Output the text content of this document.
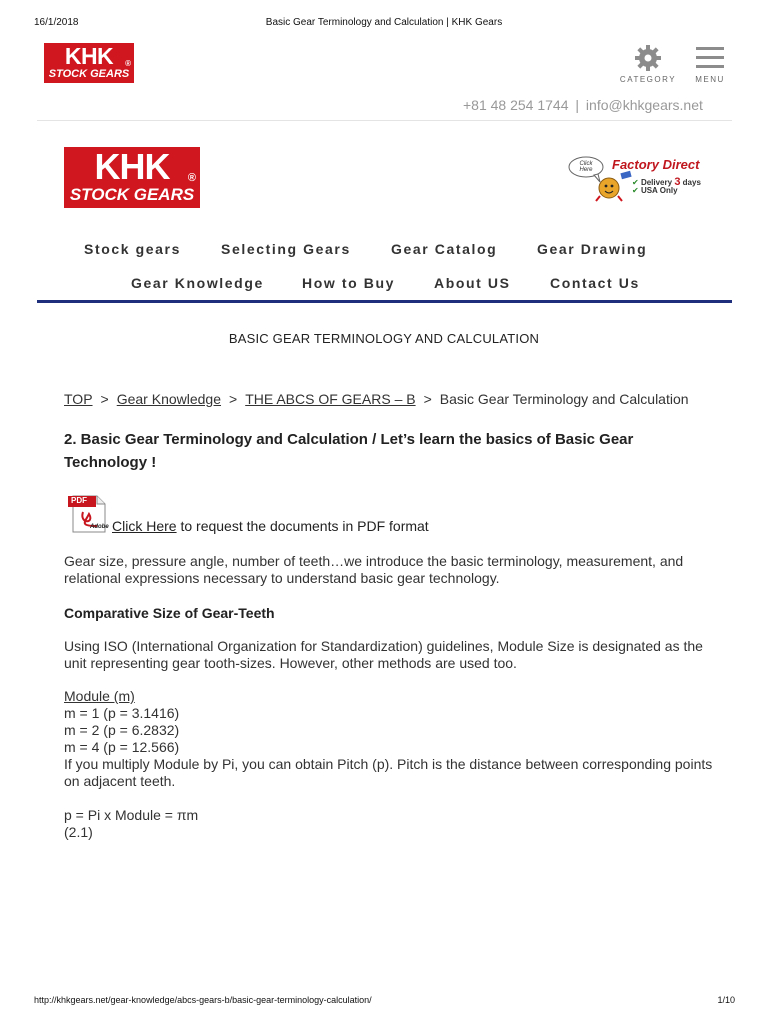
16/1/2018	Basic Gear Terminology and Calculation | KHK Gears
KHK
STOCK GEARS
®
CATEGORY	MENU
+81 48 254 1744 | info@khkgears.net
KHK
STOCK GEARS
®
Click Here	Factory Direct
✔ Delivery 3 days
✔ USA Only
Stock gears	Selecting Gears	Gear Catalog	Gear Drawing
Gear Knowledge	How to Buy	About US	Contact Us
BASIC GEAR TERMINOLOGY AND CALCULATION
TOP > Gear Knowledge > THE ABCS OF GEARS – B > Basic Gear Terminology and Calculation
2. Basic Gear Terminology and Calculation / Let’s learn the basics of Basic Gear Technology !
PDF
Adobe Click Here to request the documents in PDF format
Gear size, pressure angle, number of teeth…we introduce the basic terminology, measurement, and relational expressions necessary to understand basic gear technology.
Comparative Size of Gear-Teeth
Using ISO (International Organization for Standardization) guidelines, Module Size is designated as the unit representing gear tooth-sizes. However, other methods are used too.
Module (m)
m = 1 (p = 3.1416)
m = 2 (p = 6.2832)
m = 4 (p = 12.566)
If you multiply Module by Pi, you can obtain Pitch (p). Pitch is the distance between corresponding points on adjacent teeth.
p = Pi x Module = πm
(2.1)
http://khkgears.net/gear-knowledge/abcs-gears-b/basic-gear-terminology-calculation/	1/10
